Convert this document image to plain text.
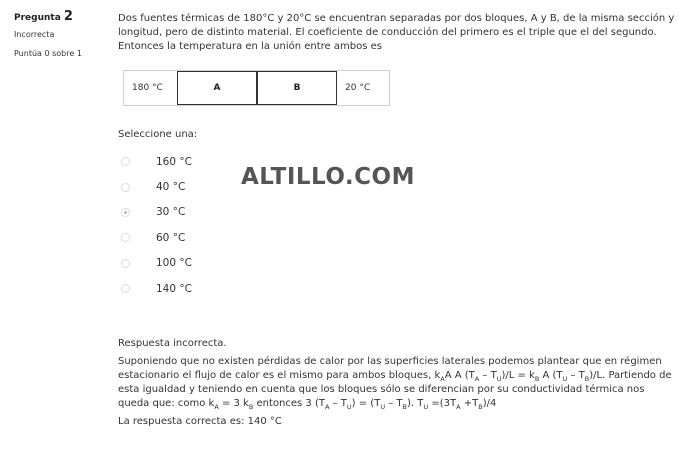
Pregunta 2
Incorrecta
Puntúa 0 sobre 1

Dos fuentes térmicas de 180°C y 20°C se encuentran separadas por dos bloques, A y B, de la misma sección y longitud, pero de distinto material. El coeficiente de conducción del primero es el triple que el del segundo. Entonces la temperatura en la unión entre ambos es

180 °C	A	B	20 °C
Seleccione una:
160 °C
40 °C
30 °C
60 °C
100 °C
140 °C
Respuesta incorrecta.

Suponiendo que no existen pérdidas de calor por las superficies laterales podemos plantear que en régimen estacionario el flujo de calor es el mismo para ambos bloques, $k_AA$ A $(T_A - T_U)/L = k_B$ A $(T_U - T_B)/L$. Partiendo de esta igualdad y teniendo en cuenta que los bloques sólo se diferencian por su conductividad térmica nos queda que: como $k_A = 3$ $k_B$ entonces 3 $(T_A - T_U) = (T_U - T_B)$. $T_U =(3T_A +T_B)/4$

La respuesta correcta es: 140 °C
ALTILLO.COM
